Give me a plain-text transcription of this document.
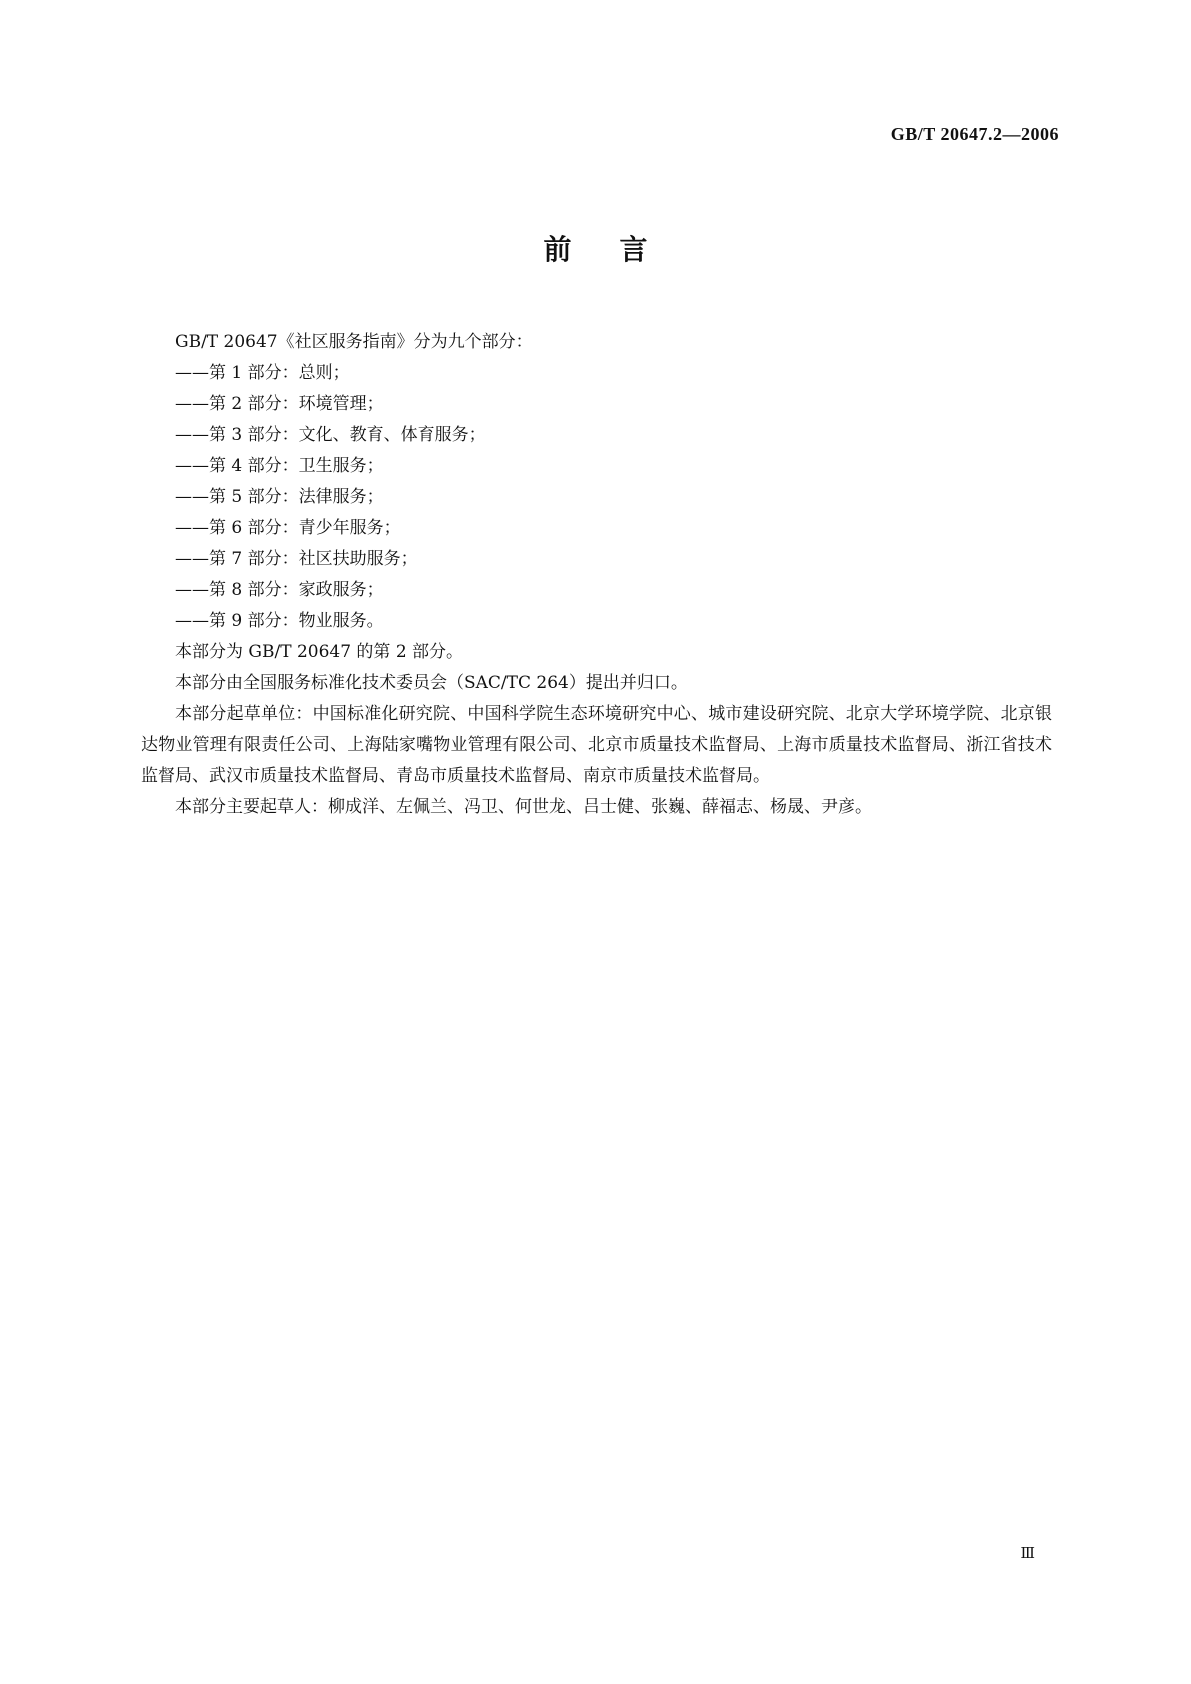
GB/T 20647.2—2006
前言

GB/T 20647《社区服务指南》分为九个部分：

——第 1 部分：总则；

——第 2 部分：环境管理；

——第 3 部分：文化、教育、体育服务；

——第 4 部分：卫生服务；

——第 5 部分：法律服务；

——第 6 部分：青少年服务；

——第 7 部分：社区扶助服务；

——第 8 部分：家政服务；

——第 9 部分：物业服务。

本部分为 GB/T 20647 的第 2 部分。

本部分由全国服务标准化技术委员会（SAC/TC 264）提出并归口。

本部分起草单位：中国标准化研究院、中国科学院生态环境研究中心、城市建设研究院、北京大学环境学院、北京银达物业管理有限责任公司、上海陆家嘴物业管理有限公司、北京市质量技术监督局、上海市质量技术监督局、浙江省技术监督局、武汉市质量技术监督局、青岛市质量技术监督局、南京市质量技术监督局。

本部分主要起草人：柳成洋、左佩兰、冯卫、何世龙、吕士健、张巍、薛福志、杨晟、尹彦。

Ⅲ
